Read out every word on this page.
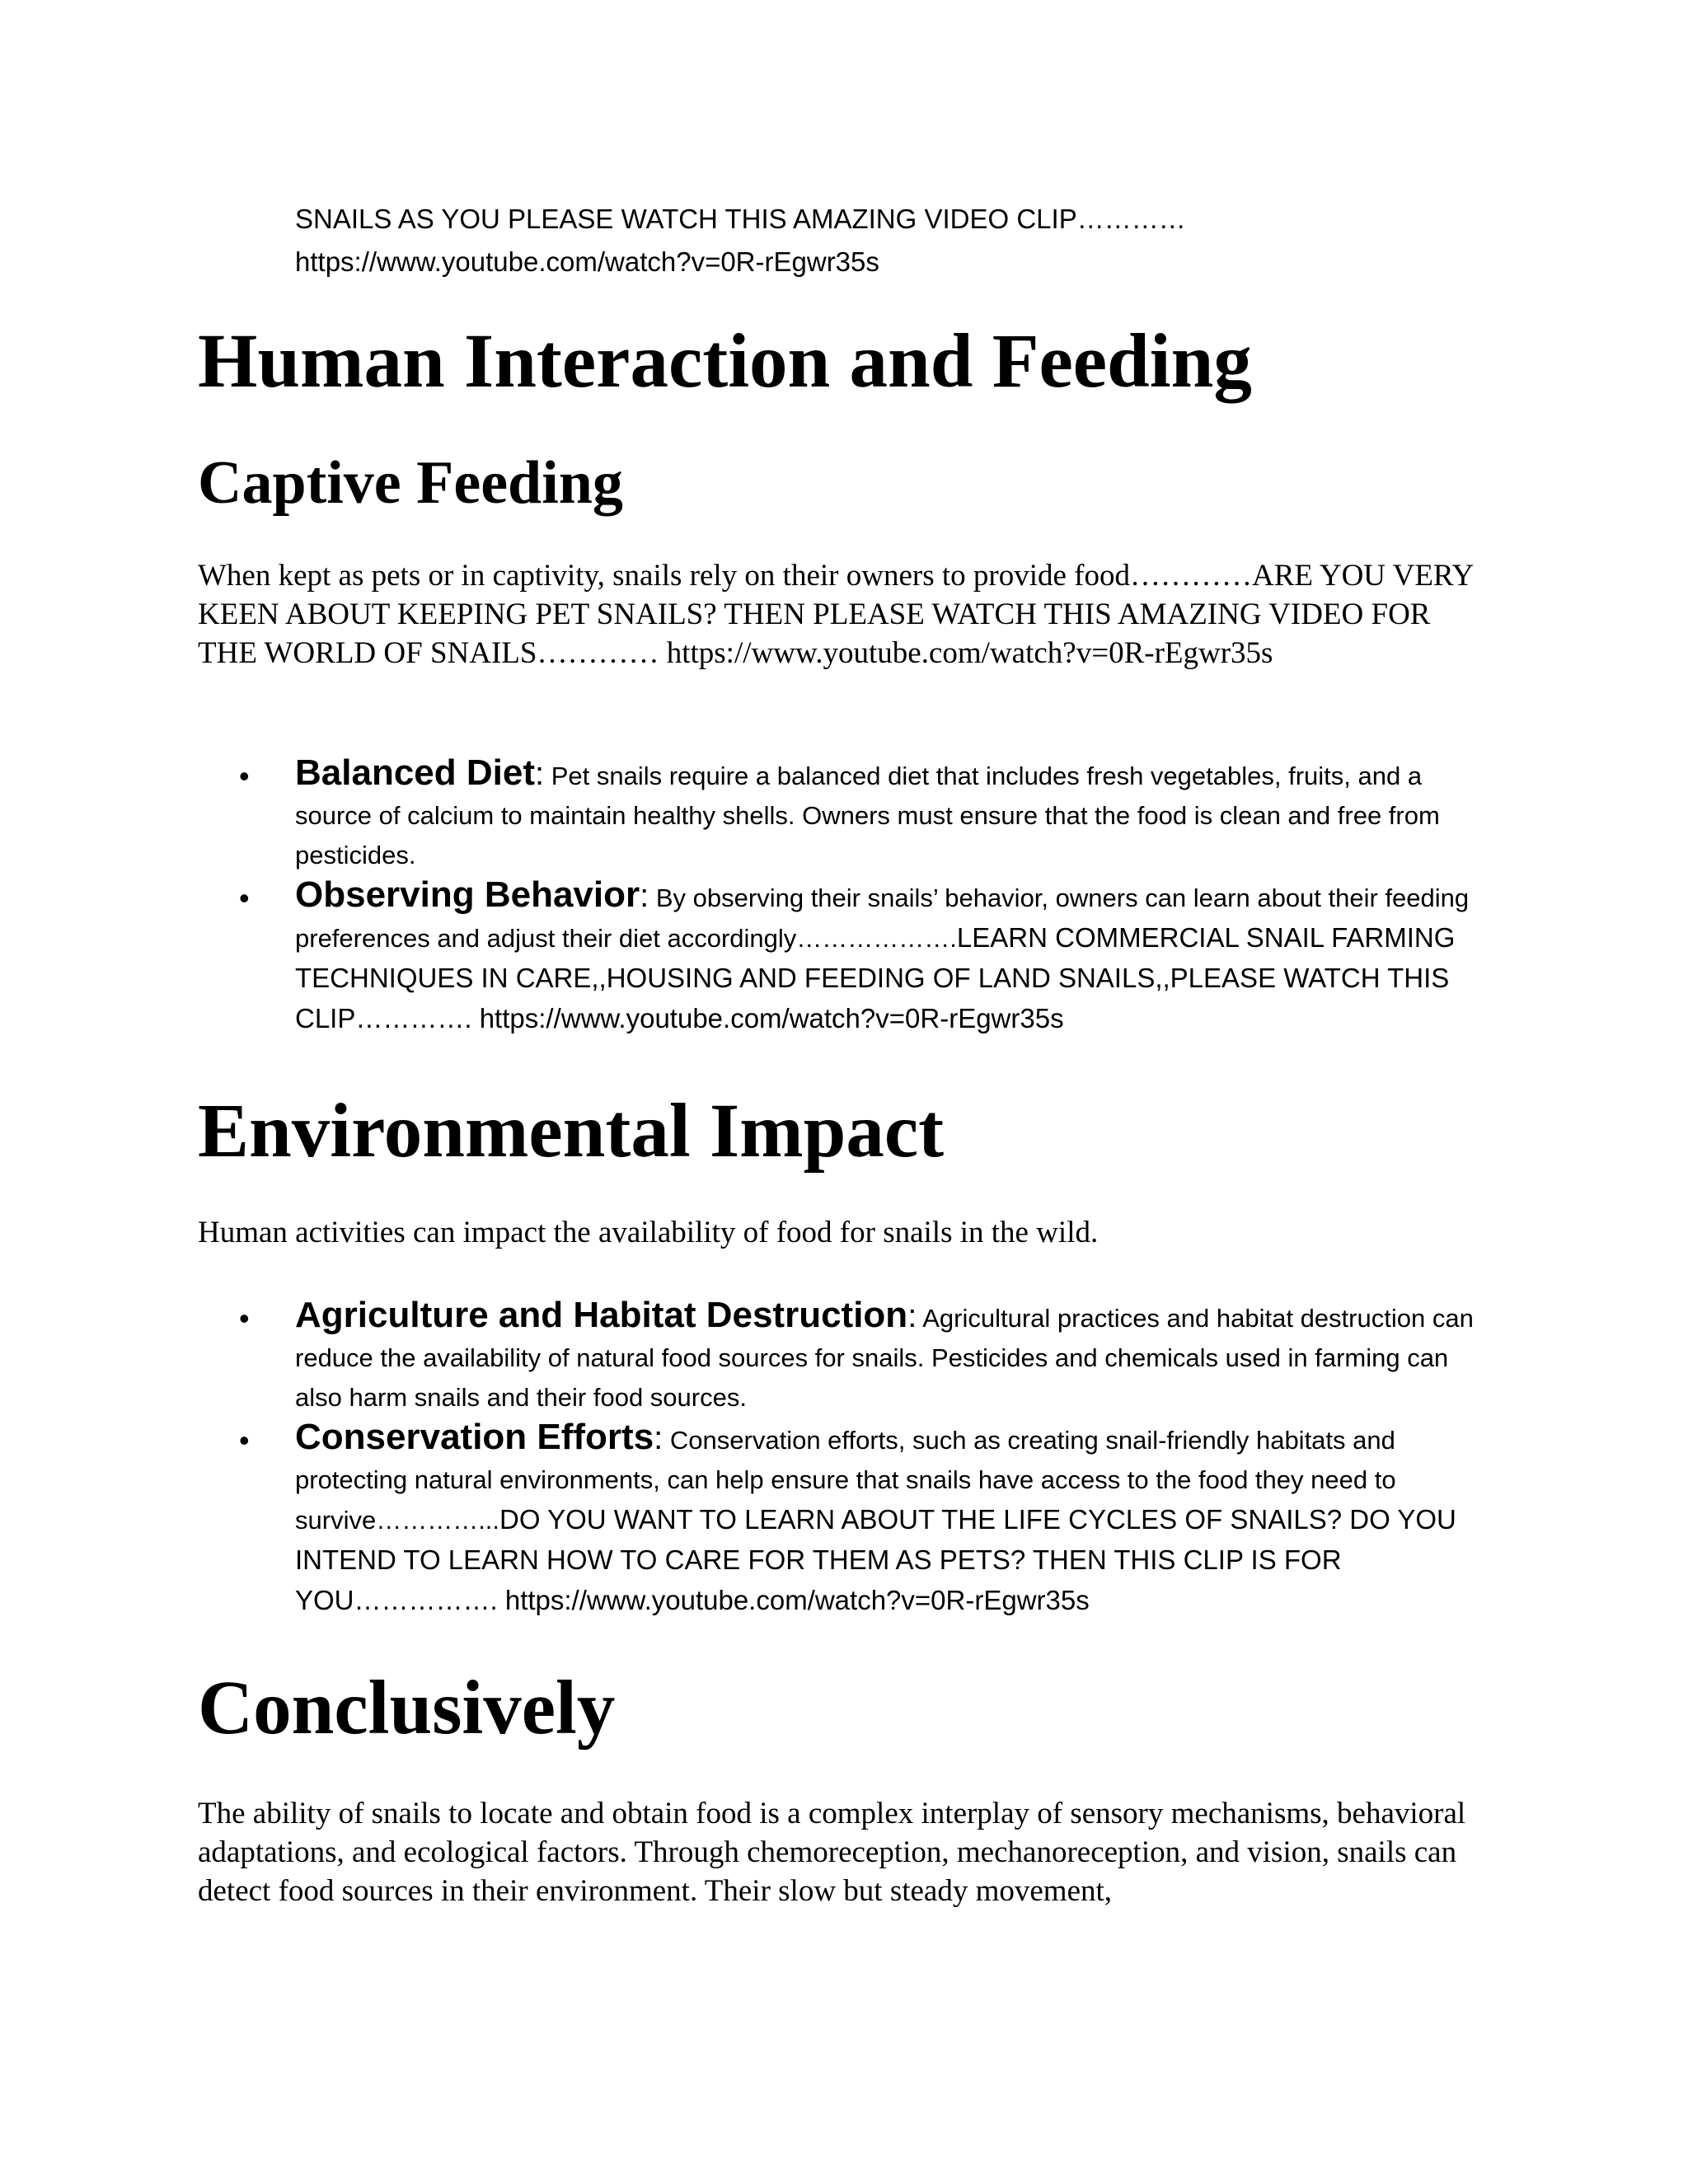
SNAILS AS YOU PLEASE WATCH THIS AMAZING VIDEO CLIP…………

https://www.youtube.com/watch?v=0R-rEgwr35s

Human Interaction and Feeding
Captive Feeding

When kept as pets or in captivity, snails rely on their owners to provide food…………ARE YOU VERY KEEN ABOUT KEEPING PET SNAILS? THEN PLEASE WATCH THIS AMAZING VIDEO FOR THE WORLD OF SNAILS………… https://www.youtube.com/watch?v=0R-rEgwr35s

• Balanced Diet: Pet snails require a balanced diet that includes fresh vegetables, fruits, and a source of calcium to maintain healthy shells. Owners must ensure that the food is clean and free from pesticides.
• Observing Behavior: By observing their snails’ behavior, owners can learn about their feeding preferences and adjust their diet accordingly……………….LEARN COMMERCIAL SNAIL FARMING TECHNIQUES IN CARE,,HOUSING AND FEEDING OF LAND SNAILS,,PLEASE WATCH THIS CLIP…………. https://www.youtube.com/watch?v=0R-rEgwr35s
Environmental Impact

Human activities can impact the availability of food for snails in the wild.

• Agriculture and Habitat Destruction: Agricultural practices and habitat destruction can reduce the availability of natural food sources for snails. Pesticides and chemicals used in farming can also harm snails and their food sources.
• Conservation Efforts: Conservation efforts, such as creating snail-friendly habitats and protecting natural environments, can help ensure that snails have access to the food they need to survive…………...DO YOU WANT TO LEARN ABOUT THE LIFE CYCLES OF SNAILS? DO YOU INTEND TO LEARN HOW TO CARE FOR THEM AS PETS? THEN THIS CLIP IS FOR YOU……………. https://www.youtube.com/watch?v=0R-rEgwr35s
Conclusively

The ability of snails to locate and obtain food is a complex interplay of sensory mechanisms, behavioral adaptations, and ecological factors. Through chemoreception, mechanoreception, and vision, snails can detect food sources in their environment. Their slow but steady movement,
